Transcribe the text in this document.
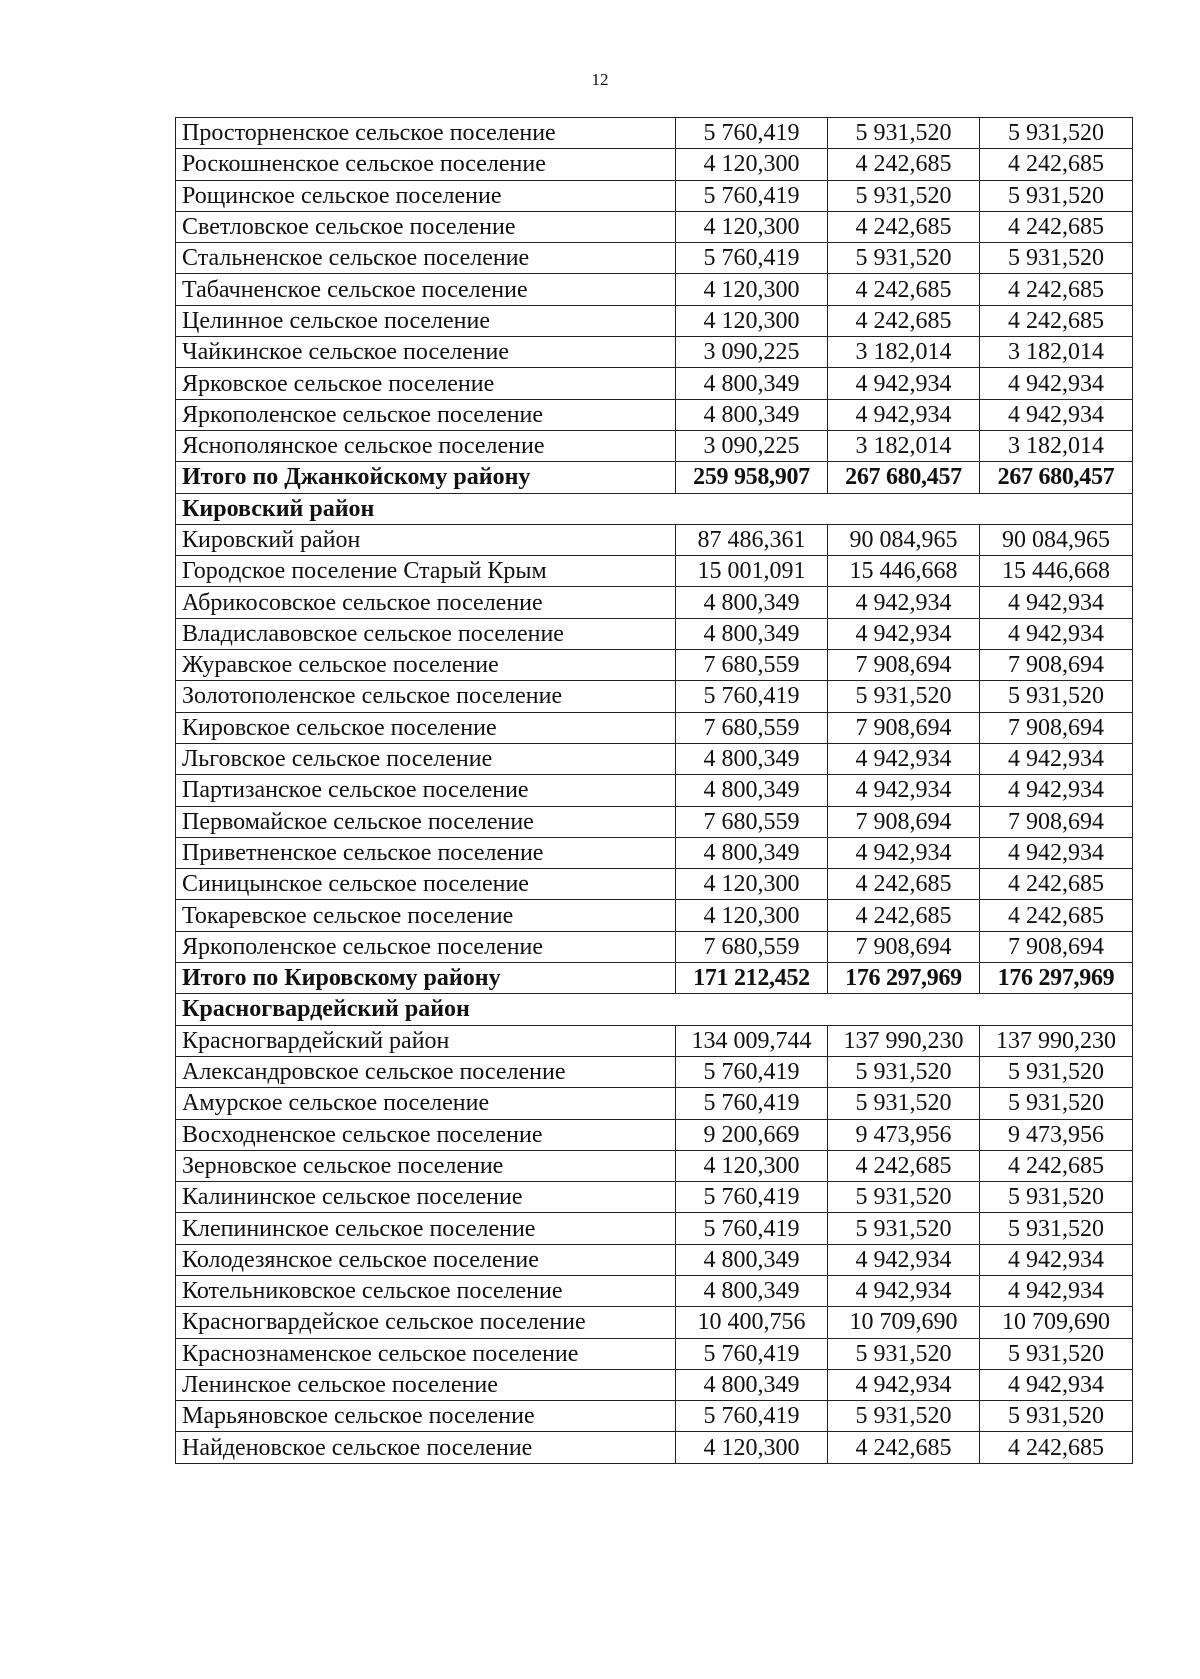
12
Просторненское сельское поселение	5 760,419	5 931,520	5 931,520
Роскошненское сельское поселение	4 120,300	4 242,685	4 242,685
Рощинское сельское поселение	5 760,419	5 931,520	5 931,520
Светловское сельское поселение	4 120,300	4 242,685	4 242,685
Стальненское сельское поселение	5 760,419	5 931,520	5 931,520
Табачненское сельское поселение	4 120,300	4 242,685	4 242,685
Целинное сельское поселение	4 120,300	4 242,685	4 242,685
Чайкинское сельское поселение	3 090,225	3 182,014	3 182,014
Ярковское сельское поселение	4 800,349	4 942,934	4 942,934
Яркополенское сельское поселение	4 800,349	4 942,934	4 942,934
Яснополянское сельское поселение	3 090,225	3 182,014	3 182,014
Итого по Джанкойскому району	259 958,907	267 680,457	267 680,457
Кировский район			
Кировский район	87 486,361	90 084,965	90 084,965
Городское поселение Старый Крым	15 001,091	15 446,668	15 446,668
Абрикосовское сельское поселение	4 800,349	4 942,934	4 942,934
Владиславовское сельское поселение	4 800,349	4 942,934	4 942,934
Журавское сельское поселение	7 680,559	7 908,694	7 908,694
Золотополенское сельское поселение	5 760,419	5 931,520	5 931,520
Кировское сельское поселение	7 680,559	7 908,694	7 908,694
Льговское сельское поселение	4 800,349	4 942,934	4 942,934
Партизанское сельское поселение	4 800,349	4 942,934	4 942,934
Первомайское сельское поселение	7 680,559	7 908,694	7 908,694
Приветненское сельское поселение	4 800,349	4 942,934	4 942,934
Синицынское сельское поселение	4 120,300	4 242,685	4 242,685
Токаревское сельское поселение	4 120,300	4 242,685	4 242,685
Яркополенское сельское поселение	7 680,559	7 908,694	7 908,694
Итого по Кировскому району	171 212,452	176 297,969	176 297,969
Красногвардейский район			
Красногвардейский район	134 009,744	137 990,230	137 990,230
Александровское сельское поселение	5 760,419	5 931,520	5 931,520
Амурское сельское поселение	5 760,419	5 931,520	5 931,520
Восходненское сельское поселение	9 200,669	9 473,956	9 473,956
Зерновское сельское поселение	4 120,300	4 242,685	4 242,685
Калининское сельское поселение	5 760,419	5 931,520	5 931,520
Клепининское сельское поселение	5 760,419	5 931,520	5 931,520
Колодезянское сельское поселение	4 800,349	4 942,934	4 942,934
Котельниковское сельское поселение	4 800,349	4 942,934	4 942,934
Красногвардейское сельское поселение	10 400,756	10 709,690	10 709,690
Краснознаменское сельское поселение	5 760,419	5 931,520	5 931,520
Ленинское сельское поселение	4 800,349	4 942,934	4 942,934
Марьяновское сельское поселение	5 760,419	5 931,520	5 931,520
Найденовское сельское поселение	4 120,300	4 242,685	4 242,685
